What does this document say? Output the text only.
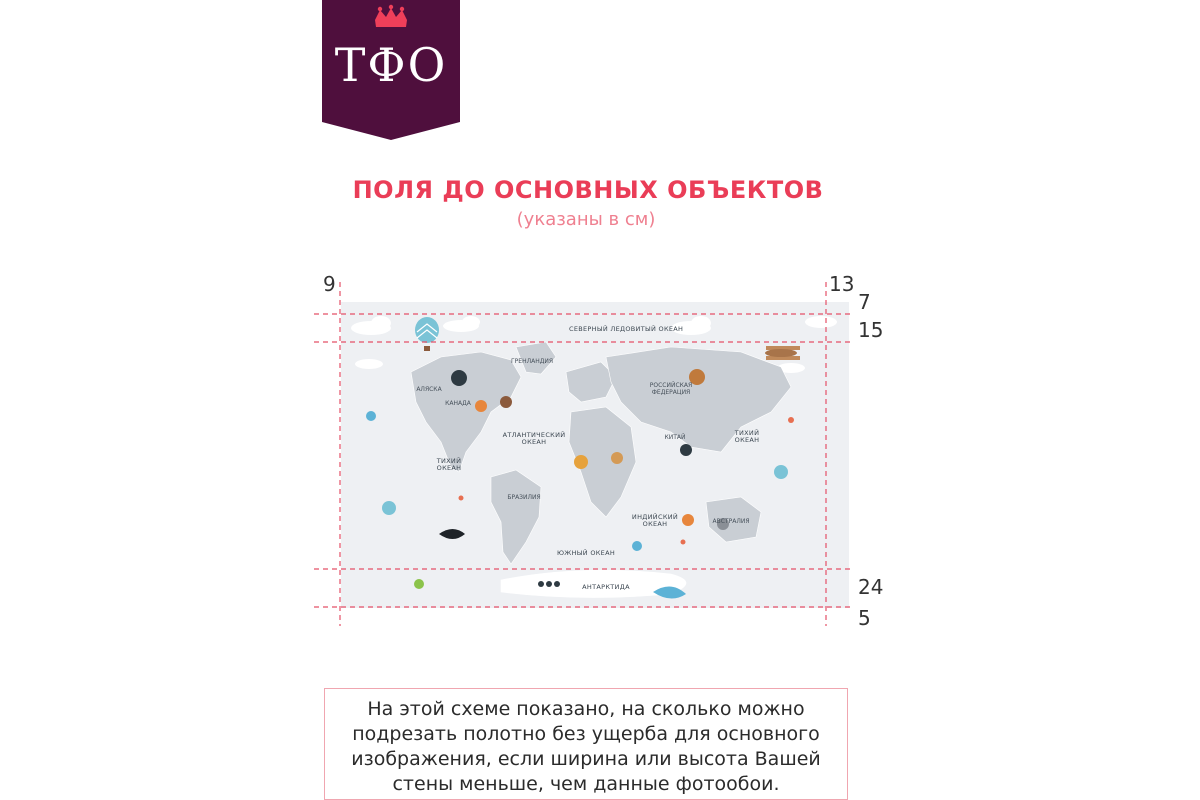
ТФО
ПОЛЯ ДО ОСНОВНЫХ ОБЪЕКТОВ
(указаны в см)
СЕВЕРНЫЙ ЛЕДОВИТЫЙ ОКЕАН
АТЛАНТИЧЕСКИЙ ОКЕАН
ТИХИЙ ОКЕАН
ТИХИЙ ОКЕАН
ИНДИЙСКИЙ ОКЕАН
ЮЖНЫЙ ОКЕАН
АНТАРКТИДА
РОССИЙСКАЯ ФЕДЕРАЦИЯ
КАНАДА
АЛЯСКА
БРАЗИЛИЯ
КИТАЙ
АВСТРАЛИЯ
ГРЕНЛАНДИЯ
9	13
7
15
24
5

На этой схеме показано, на сколько можно подрезать полотно без ущерба для основного изображения, если ширина или высота Вашей стены меньше, чем данные фотообои.
